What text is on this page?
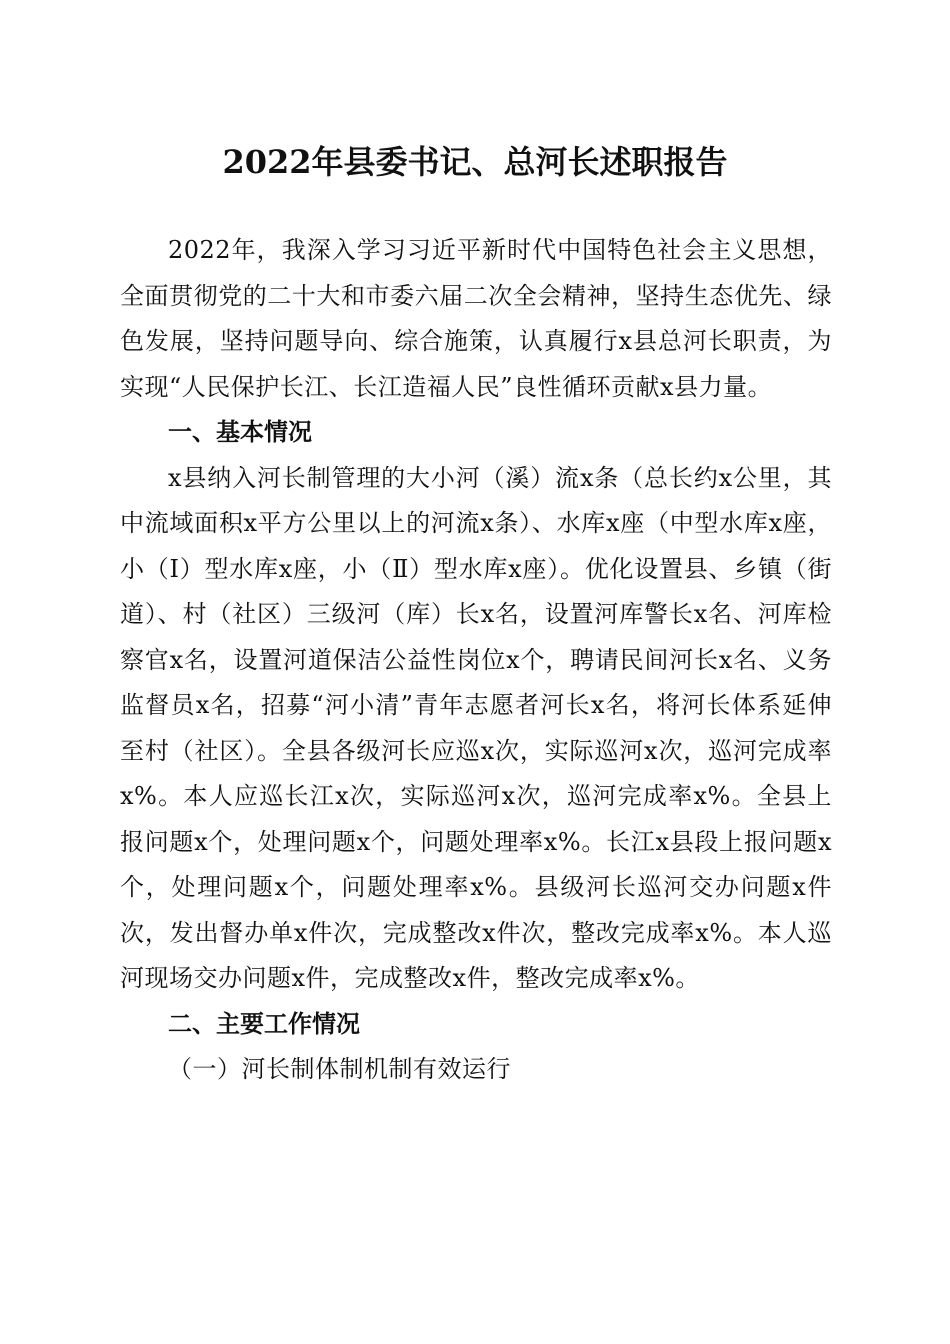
2022年县委书记、总河长述职报告

2022年，我深入学习习近平新时代中国特色社会主义思想，全面贯彻党的二十大和市委六届二次全会精神，坚持生态优先、绿色发展，坚持问题导向、综合施策，认真履行x县总河长职责，为实现“人民保护长江、长江造福人民”良性循环贡献x县力量。

一、基本情况

x县纳入河长制管理的大小河（溪）流x条（总长约x公里，其中流域面积x平方公里以上的河流x条）、水库x座（中型水库x座，小（Ⅰ）型水库x座，小（Ⅱ）型水库x座）。优化设置县、乡镇（街道）、村（社区）三级河（库）长x名，设置河库警长x名、河库检察官x名，设置河道保洁公益性岗位x个，聘请民间河长x名、义务监督员x名，招募“河小清”青年志愿者河长x名，将河长体系延伸至村（社区）。全县各级河长应巡x次，实际巡河x次，巡河完成率x%。本人应巡长江x次，实际巡河x次，巡河完成率x%。全县上报问题x个，处理问题x个，问题处理率x%。长江x县段上报问题x个，处理问题x个，问题处理率x%。县级河长巡河交办问题x件次，发出督办单x件次，完成整改x件次，整改完成率x%。本人巡河现场交办问题x件，完成整改x件，整改完成率x%。

二、主要工作情况

（一）河长制体制机制有效运行
